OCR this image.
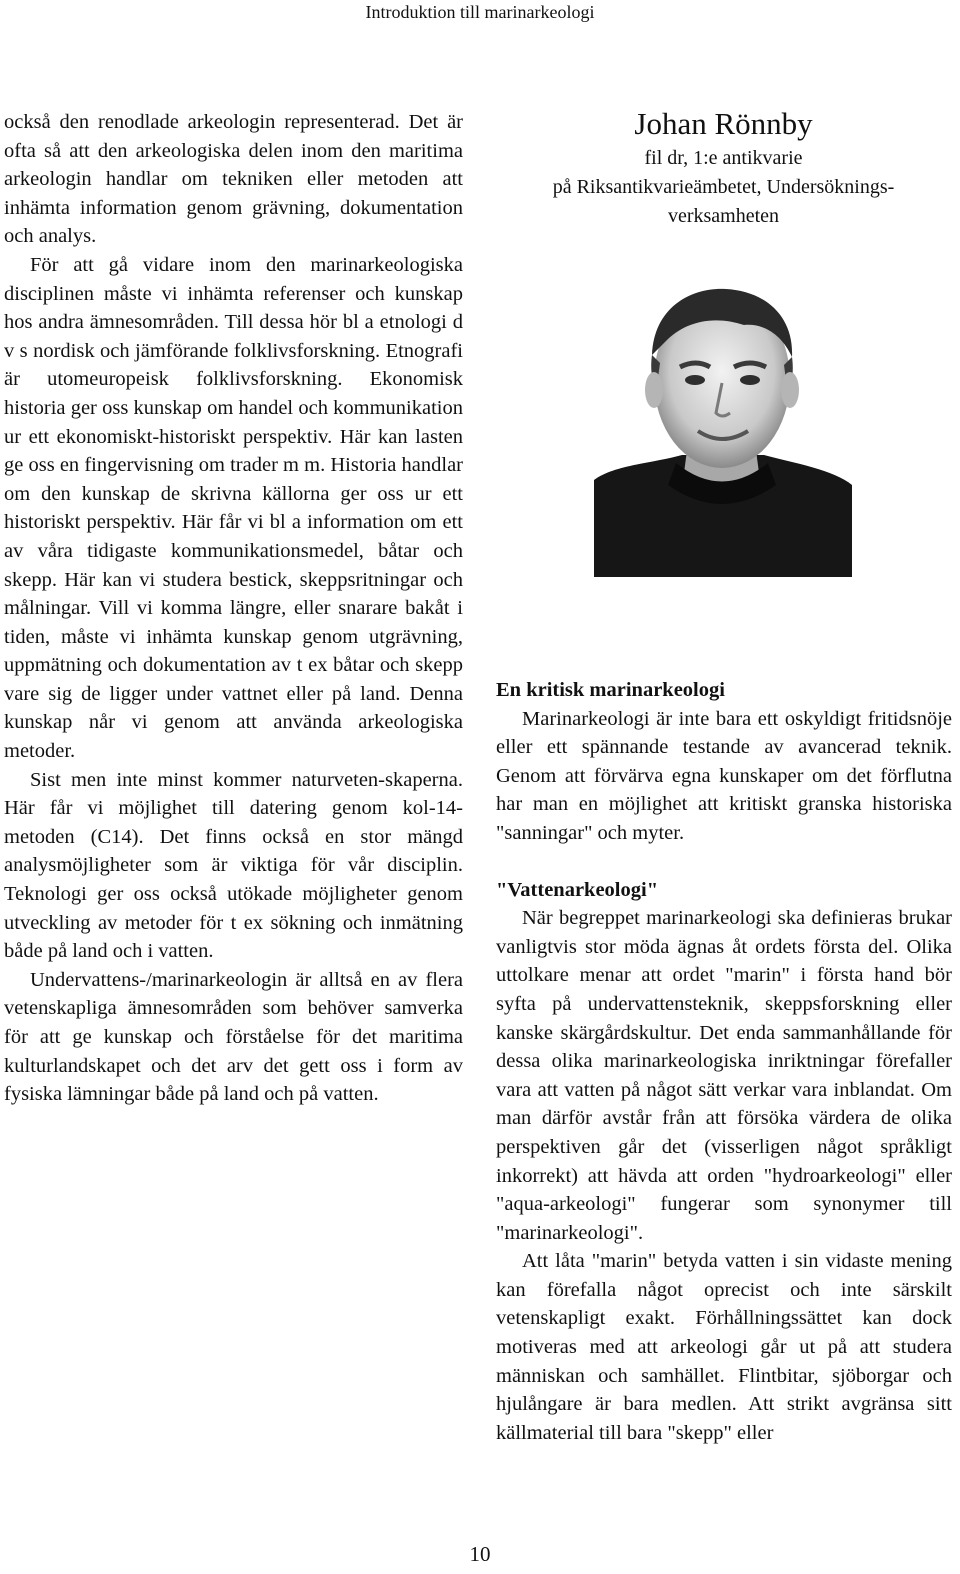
Introduktion till marinarkeologi

också den renodlade arkeologin representerad. Det är ofta så att den arkeologiska delen inom den maritima arkeologin handlar om tekniken eller metoden att inhämta information genom grävning, dokumentation och analys.

För att gå vidare inom den marinarkeologiska disciplinen måste vi inhämta referenser och kunskap hos andra ämnesområden. Till dessa hör bl a etnologi d v s nordisk och jämförande folklivsforskning. Etnografi är utomeuropeisk folklivsforskning. Ekonomisk historia ger oss kunskap om handel och kommunikation ur ett ekonomiskt-historiskt perspektiv. Här kan lasten ge oss en fingervisning om trader m m. Historia handlar om den kunskap de skrivna källorna ger oss ur ett historiskt perspektiv. Här får vi bl a information om ett av våra tidigaste kommunikationsmedel, båtar och skepp. Här kan vi studera bestick, skeppsritningar och målningar. Vill vi komma längre, eller snarare bakåt i tiden, måste vi inhämta kunskap genom utgrävning, uppmätning och dokumentation av t ex båtar och skepp vare sig de ligger under vattnet eller på land. Denna kunskap når vi genom att använda arkeologiska metoder.

Sist men inte minst kommer naturveten-skaperna. Här får vi möjlighet till datering genom kol-14-metoden (C14). Det finns också en stor mängd analysmöjligheter som är viktiga för vår disciplin. Teknologi ger oss också utökade möjligheter genom utveckling av metoder för t ex sökning och inmätning både på land och i vatten.

Undervattens-/marinarkeologin är alltså en av flera vetenskapliga ämnesområden som behöver samverka för att ge kunskap och förståelse för det maritima kulturlandskapet och det arv det gett oss i form av fysiska lämningar både på land och på vatten.

Johan Rönnby
fil dr, 1:e antikvarie
på Riksantikvarieämbetet, Undersöknings-verksamheten

En kritisk marinarkeologi

Marinarkeologi är inte bara ett oskyldigt fritidsnöje eller ett spännande testande av avancerad teknik. Genom att förvärva egna kunskaper om det förflutna har man en möjlighet att kritiskt granska historiska "sanningar" och myter.

"Vattenarkeologi"

När begreppet marinarkeologi ska definieras brukar vanligtvis stor möda ägnas åt ordets första del. Olika uttolkare menar att ordet "marin" i första hand bör syfta på undervattensteknik, skeppsforskning eller kanske skärgårdskultur. Det enda sammanhållande för dessa olika marinarkeologiska inriktningar förefaller vara att vatten på något sätt verkar vara inblandat. Om man därför avstår från att försöka värdera de olika perspektiven går det (visserligen något språkligt inkorrekt) att hävda att orden "hydroarkeologi" eller "aqua-arkeologi" fungerar som synonymer till "marinarkeologi".

Att låta "marin" betyda vatten i sin vidaste mening kan förefalla något oprecist och inte särskilt vetenskapligt exakt. Förhållningssättet kan dock motiveras med att arkeologi går ut på att studera människan och samhället. Flintbitar, sjöborgar och hjulångare är bara medlen. Att strikt avgränsa sitt källmaterial till bara "skepp" eller

10
